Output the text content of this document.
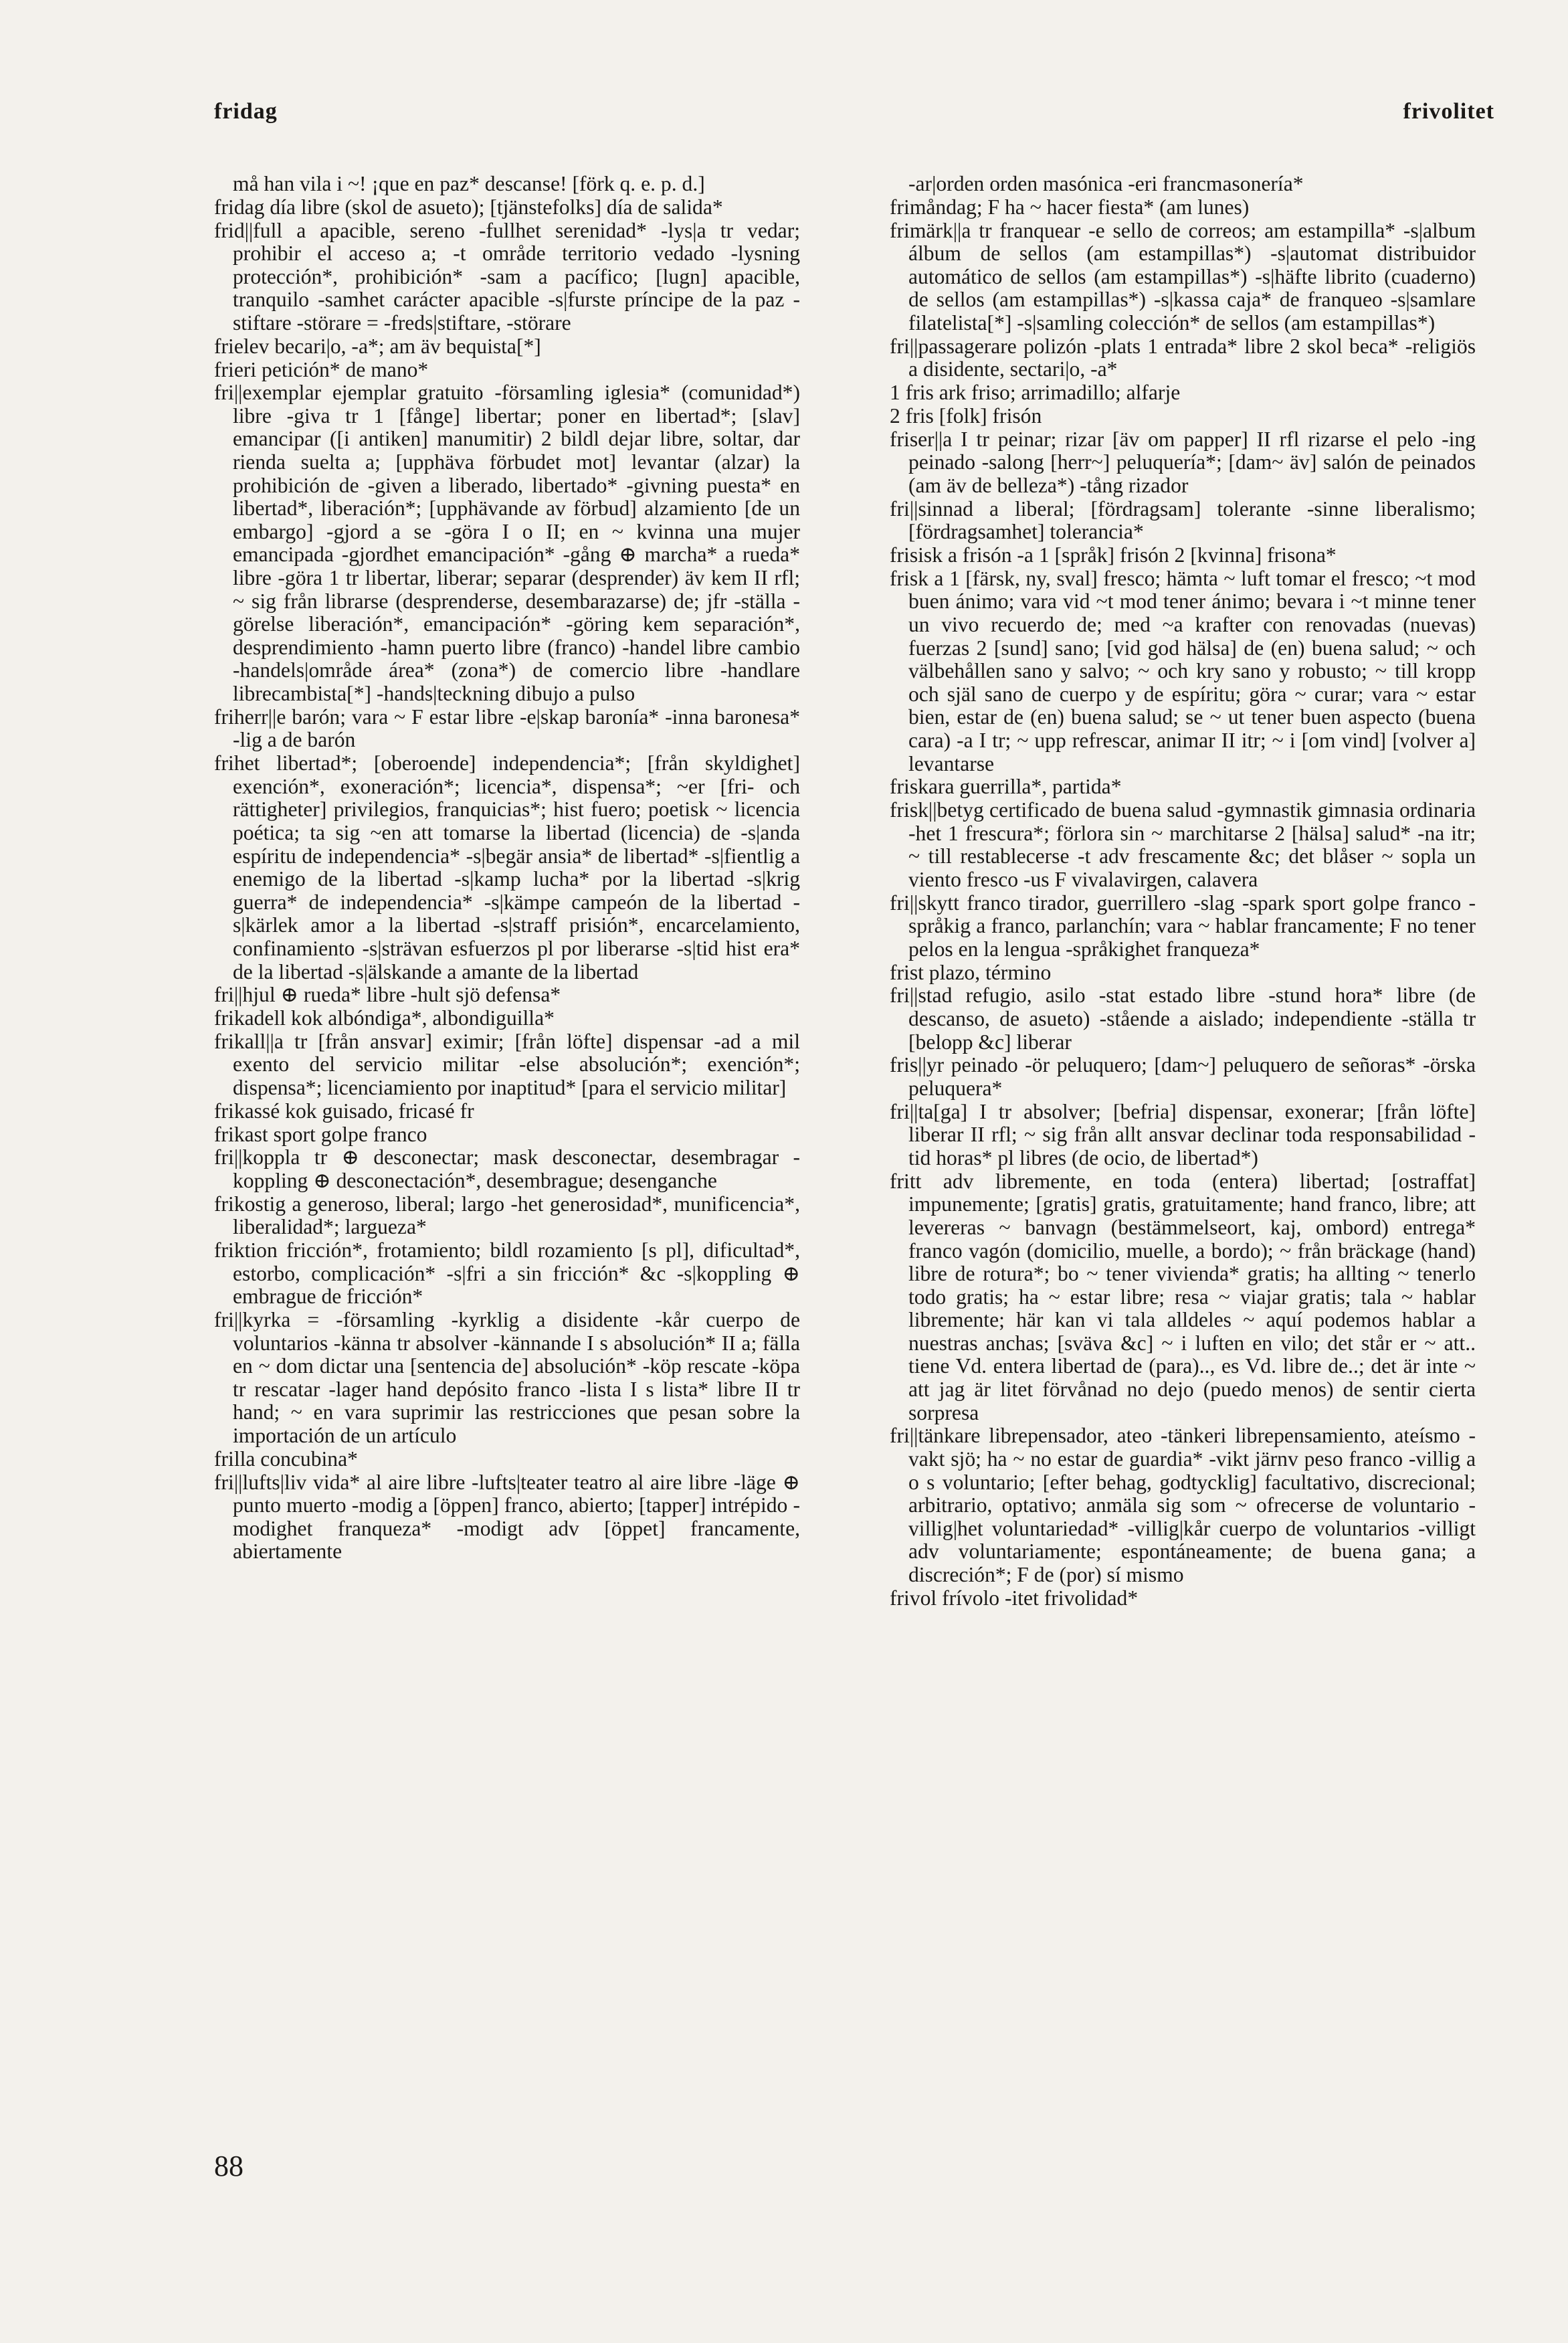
fridag	frivolitet

må han vila i ~! ¡que en paz* descanse! [förk q. e. p. d.]

fridag día libre (skol de asueto); [tjänstefolks] día de salida*

frid||full a apacible, sereno -fullhet serenidad* -lys|a tr vedar; prohibir el acceso a; -t område territorio vedado -lysning protección*, prohibición* -sam a pacífico; [lugn] apacible, tranquilo -samhet carácter apacible -s|furste príncipe de la paz -stiftare -störare = -freds|stiftare, -störare

frielev becari|o, -a*; am äv bequista[*]

frieri petición* de mano*

fri||exemplar ejemplar gratuito -församling iglesia* (comunidad*) libre -giva tr 1 [fånge] libertar; poner en libertad*; [slav] emancipar ([i antiken] manumitir) 2 bildl dejar libre, soltar, dar rienda suelta a; [upphäva förbudet mot] levantar (alzar) la prohibición de -given a liberado, libertado* -givning puesta* en libertad*, liberación*; [upphävande av förbud] alzamiento [de un embargo] -gjord a se -göra I o II; en ~ kvinna una mujer emancipada -gjordhet emancipación* -gång ⊕ marcha* a rueda* libre -göra 1 tr libertar, liberar; separar (desprender) äv kem II rfl; ~ sig från librarse (desprenderse, desembarazarse) de; jfr -ställa -görelse liberación*, emancipación* -göring kem separación*, desprendimiento -hamn puerto libre (franco) -handel libre cambio -handels|område área* (zona*) de comercio libre -handlare librecambista[*] -hands|teckning dibujo a pulso

friherr||e barón; vara ~ F estar libre -e|skap baronía* -inna baronesa* -lig a de barón

frihet libertad*; [oberoende] independencia*; [från skyldighet] exención*, exoneración*; licencia*, dispensa*; ~er [fri- och rättigheter] privilegios, franquicias*; hist fuero; poetisk ~ licencia poética; ta sig ~en att tomarse la libertad (licencia) de -s|anda espíritu de independencia* -s|begär ansia* de libertad* -s|fientlig a enemigo de la libertad -s|kamp lucha* por la libertad -s|krig guerra* de independencia* -s|kämpe campeón de la libertad -s|kärlek amor a la libertad -s|straff prisión*, encarcelamiento, confinamiento -s|strävan esfuerzos pl por liberarse -s|tid hist era* de la libertad -s|älskande a amante de la libertad

fri||hjul ⊕ rueda* libre -hult sjö defensa*

frikadell kok albóndiga*, albondiguilla*

frikall||a tr [från ansvar] eximir; [från löfte] dispensar -ad a mil exento del servicio militar -else absolución*; exención*; dispensa*; licenciamiento por inaptitud* [para el servicio militar]

frikassé kok guisado, fricasé fr

frikast sport golpe franco

fri||koppla tr ⊕ desconectar; mask desconectar, desembragar -koppling ⊕ desconectación*, desembrague; desenganche

frikostig a generoso, liberal; largo -het generosidad*, munificencia*, liberalidad*; largueza*

friktion fricción*, frotamiento; bildl rozamiento [s pl], dificultad*, estorbo, complicación* -s|fri a sin fricción* &c -s|koppling ⊕ embrague de fricción*

fri||kyrka = -församling -kyrklig a disidente -kår cuerpo de voluntarios -känna tr absolver -kännande I s absolución* II a; fälla en ~ dom dictar una [sentencia de] absolución* -köp rescate -köpa tr rescatar -lager hand depósito franco -lista I s lista* libre II tr hand; ~ en vara suprimir las restricciones que pesan sobre la importación de un artículo

frilla concubina*

fri||lufts|liv vida* al aire libre -lufts|teater teatro al aire libre -läge ⊕ punto muerto -modig a [öppen] franco, abierto; [tapper] intrépido -modighet franqueza* -modigt adv [öppet] francamente, abiertamente

-ar|orden orden masónica -eri francmasonería*

frimåndag; F ha ~ hacer fiesta* (am lunes)

frimärk||a tr franquear -e sello de correos; am estampilla* -s|album álbum de sellos (am estampillas*) -s|automat distribuidor automático de sellos (am estampillas*) -s|häfte librito (cuaderno) de sellos (am estampillas*) -s|kassa caja* de franqueo -s|samlare filatelista[*] -s|samling colección* de sellos (am estampillas*)

fri||passagerare polizón -plats 1 entrada* libre 2 skol beca* -religiös a disidente, sectari|o, -a*

1 fris ark friso; arrimadillo; alfarje

2 fris [folk] frisón

friser||a I tr peinar; rizar [äv om papper] II rfl rizarse el pelo -ing peinado -salong [herr~] peluquería*; [dam~ äv] salón de peinados (am äv de belleza*) -tång rizador

fri||sinnad a liberal; [fördragsam] tolerante -sinne liberalismo; [fördragsamhet] tolerancia*

frisisk a frisón -a 1 [språk] frisón 2 [kvinna] frisona*

frisk a 1 [färsk, ny, sval] fresco; hämta ~ luft tomar el fresco; ~t mod buen ánimo; vara vid ~t mod tener ánimo; bevara i ~t minne tener un vivo recuerdo de; med ~a krafter con renovadas (nuevas) fuerzas 2 [sund] sano; [vid god hälsa] de (en) buena salud; ~ och välbehållen sano y salvo; ~ och kry sano y robusto; ~ till kropp och själ sano de cuerpo y de espíritu; göra ~ curar; vara ~ estar bien, estar de (en) buena salud; se ~ ut tener buen aspecto (buena cara) -a I tr; ~ upp refrescar, animar II itr; ~ i [om vind] [volver a] levantarse

friskara guerrilla*, partida*

frisk||betyg certificado de buena salud -gymnastik gimnasia ordinaria -het 1 frescura*; förlora sin ~ marchitarse 2 [hälsa] salud* -na itr; ~ till restablecerse -t adv frescamente &c; det blåser ~ sopla un viento fresco -us F vivalavirgen, calavera

fri||skytt franco tirador, guerrillero -slag -spark sport golpe franco -språkig a franco, parlanchín; vara ~ hablar francamente; F no tener pelos en la lengua -språkighet franqueza*

frist plazo, término

fri||stad refugio, asilo -stat estado libre -stund hora* libre (de descanso, de asueto) -stående a aislado; independiente -ställa tr [belopp &c] liberar

fris||yr peinado -ör peluquero; [dam~] peluquero de señoras* -örska peluquera*

fri||ta[ga] I tr absolver; [befria] dispensar, exonerar; [från löfte] liberar II rfl; ~ sig från allt ansvar declinar toda responsabilidad -tid horas* pl libres (de ocio, de libertad*)

fritt adv libremente, en toda (entera) libertad; [ostraffat] impunemente; [gratis] gratis, gratuitamente; hand franco, libre; att levereras ~ banvagn (bestämmelseort, kaj, ombord) entrega* franco vagón (domicilio, muelle, a bordo); ~ från bräckage (hand) libre de rotura*; bo ~ tener vivienda* gratis; ha allting ~ tenerlo todo gratis; ha ~ estar libre; resa ~ viajar gratis; tala ~ hablar libremente; här kan vi tala alldeles ~ aquí podemos hablar a nuestras anchas; [sväva &c] ~ i luften en vilo; det står er ~ att.. tiene Vd. entera libertad de (para).., es Vd. libre de..; det är inte ~ att jag är litet förvånad no dejo (puedo menos) de sentir cierta sorpresa

fri||tänkare librepensador, ateo -tänkeri librepensamiento, ateísmo -vakt sjö; ha ~ no estar de guardia* -vikt järnv peso franco -villig a o s voluntario; [efter behag, godtycklig] facultativo, discrecional; arbitrario, optativo; anmäla sig som ~ ofrecerse de voluntario -villig|het voluntariedad* -villig|kår cuerpo de voluntarios -villigt adv voluntariamente; espontáneamente; de buena gana; a discreción*; F de (por) sí mismo

frivol frívolo -itet frivolidad*

88
